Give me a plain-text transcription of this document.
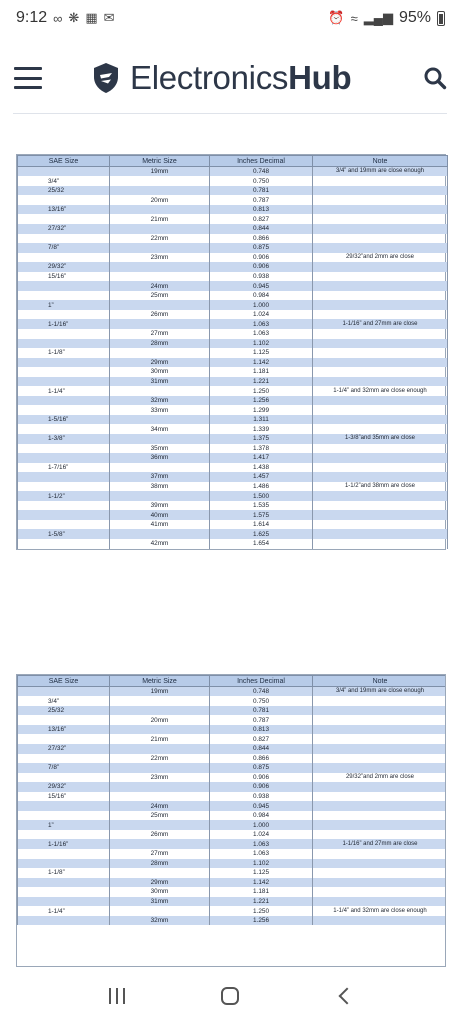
9:12 ∞ ❋ ▦ ✉	⏰ ≈ ▂▄▆ 95%
ElectronicsHub
SAE Size	Metric Size	Inches Decimal	Note
	19mm	0.748	3/4” and 19mm are close enough
3/4”		0.750	
25/32		0.781	
	20mm	0.787	
13/16”		0.813	
	21mm	0.827	
27/32”		0.844	
	22mm	0.866	
7/8”		0.875	
	23mm	0.906	29/32”and 2mm are close
29/32”		0.906	
15/16”		0.938	
	24mm	0.945	
	25mm	0.984	
1”		1.000	
	26mm	1.024	
1-1/16”		1.063	1-1/16” and 27mm are close
	27mm	1.063	
	28mm	1.102	
1-1/8”		1.125	
	29mm	1.142	
	30mm	1.181	
	31mm	1.221	
1-1/4”		1.250	1-1/4” and 32mm are close enough
	32mm	1.256	
	33mm	1.299	
1-5/16”		1.311	
	34mm	1.339	
1-3/8”		1.375	1-3/8”and 35mm are close
	35mm	1.378	
	36mm	1.417	
1-7/16”		1.438	
	37mm	1.457	
	38mm	1.486	1-1/2”and 38mm are close
1-1/2”		1.500	
	39mm	1.535	
	40mm	1.575	
	41mm	1.614	
1-5/8”		1.625	
	42mm	1.654	
SAE Size	Metric Size	Inches Decimal	Note
	19mm	0.748	3/4” and 19mm are close enough
3/4”		0.750	
25/32		0.781	
	20mm	0.787	
13/16”		0.813	
	21mm	0.827	
27/32”		0.844	
	22mm	0.866	
7/8”		0.875	
	23mm	0.906	29/32”and 2mm are close
29/32”		0.906	
15/16”		0.938	
	24mm	0.945	
	25mm	0.984	
1”		1.000	
	26mm	1.024	
1-1/16”		1.063	1-1/16” and 27mm are close
	27mm	1.063	
	28mm	1.102	
1-1/8”		1.125	
	29mm	1.142	
	30mm	1.181	
	31mm	1.221	
1-1/4”		1.250	1-1/4” and 32mm are close enough
	32mm	1.256	
